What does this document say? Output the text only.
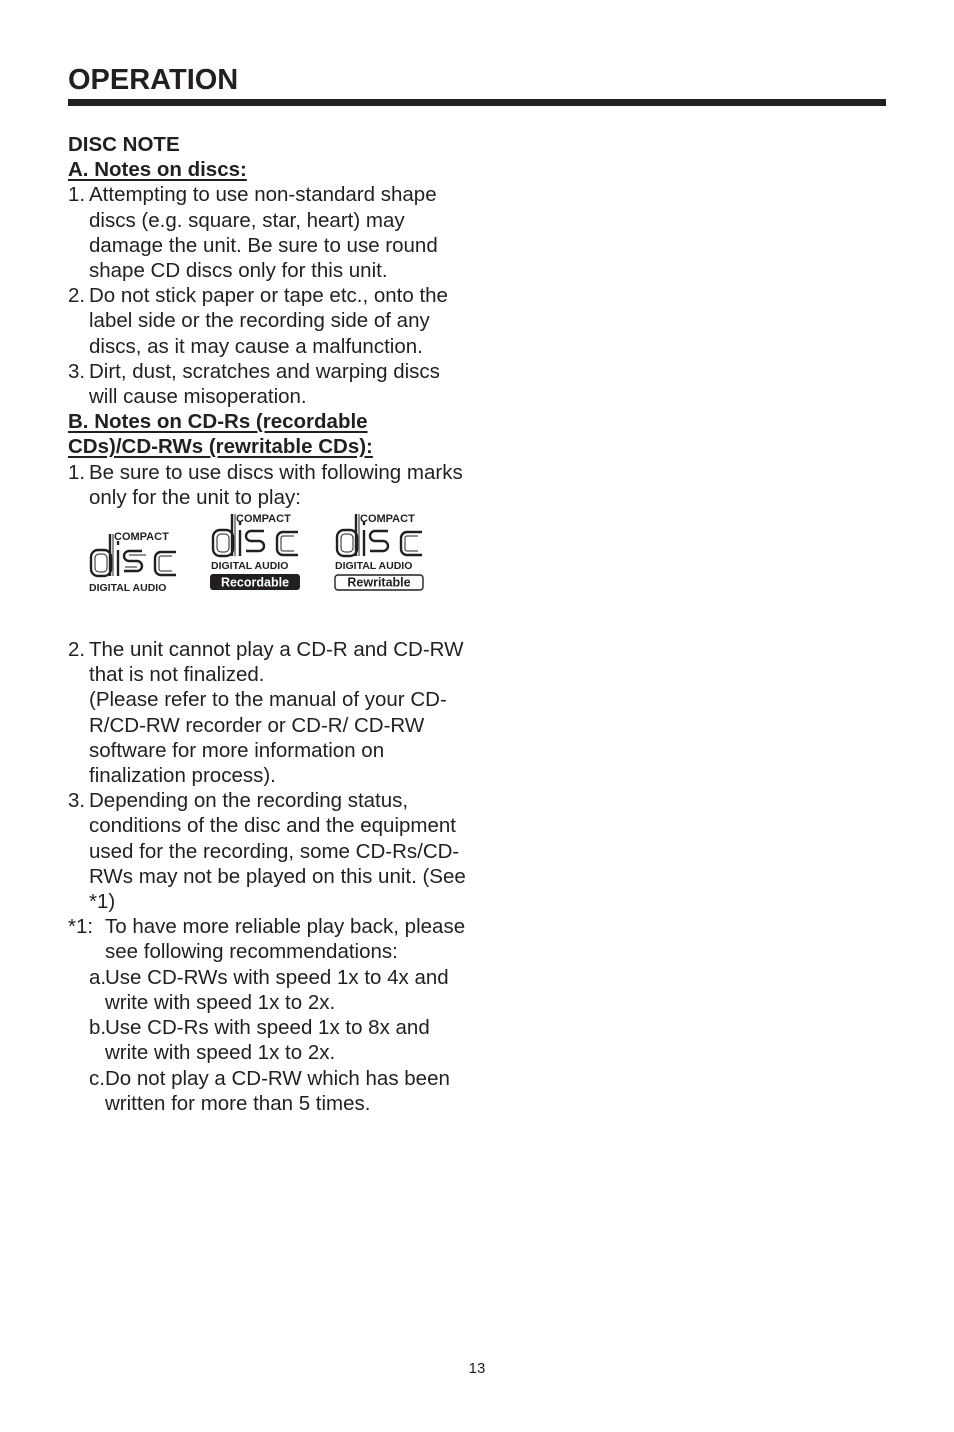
OPERATION
DISC NOTE
A. Notes on discs:
1. Attempting to use non-standard shape discs (e.g. square, star, heart) may damage the unit. Be sure to use round shape CD discs only for this unit.
2. Do not stick paper or tape etc., onto the label side or the recording side of any discs, as it may cause a malfunction.
3. Dirt, dust, scratches and warping discs will cause misoperation.
B. Notes on CD-Rs (recordable
CDs)/CD-RWs (rewritable CDs):
1. Be sure to use discs with following marks only for the unit to play:
COMPACT
DIGITAL AUDIO
COMPACT
DIGITAL AUDIO
Recordable
COMPACT
DIGITAL AUDIO
Rewritable
2. The unit cannot play a CD-R and CD-RW that is not finalized.
(Please refer to the manual of your CD-R/CD-RW recorder or CD-R/ CD-RW software for more information on finalization process).
3. Depending on the recording status, conditions of the disc and the equipment used for the recording, some CD-Rs/CD-RWs may not be played on this unit. (See *1)
*1: To have more reliable play back, please see following recommendations:
a.
Use CD-RWs with speed 1x to 4x and write with speed 1x to 2x.
b.
Use CD-Rs with speed 1x to 8x and write with speed 1x to 2x.
c. Do not play a CD-RW which has been written for more than 5 times.
13
